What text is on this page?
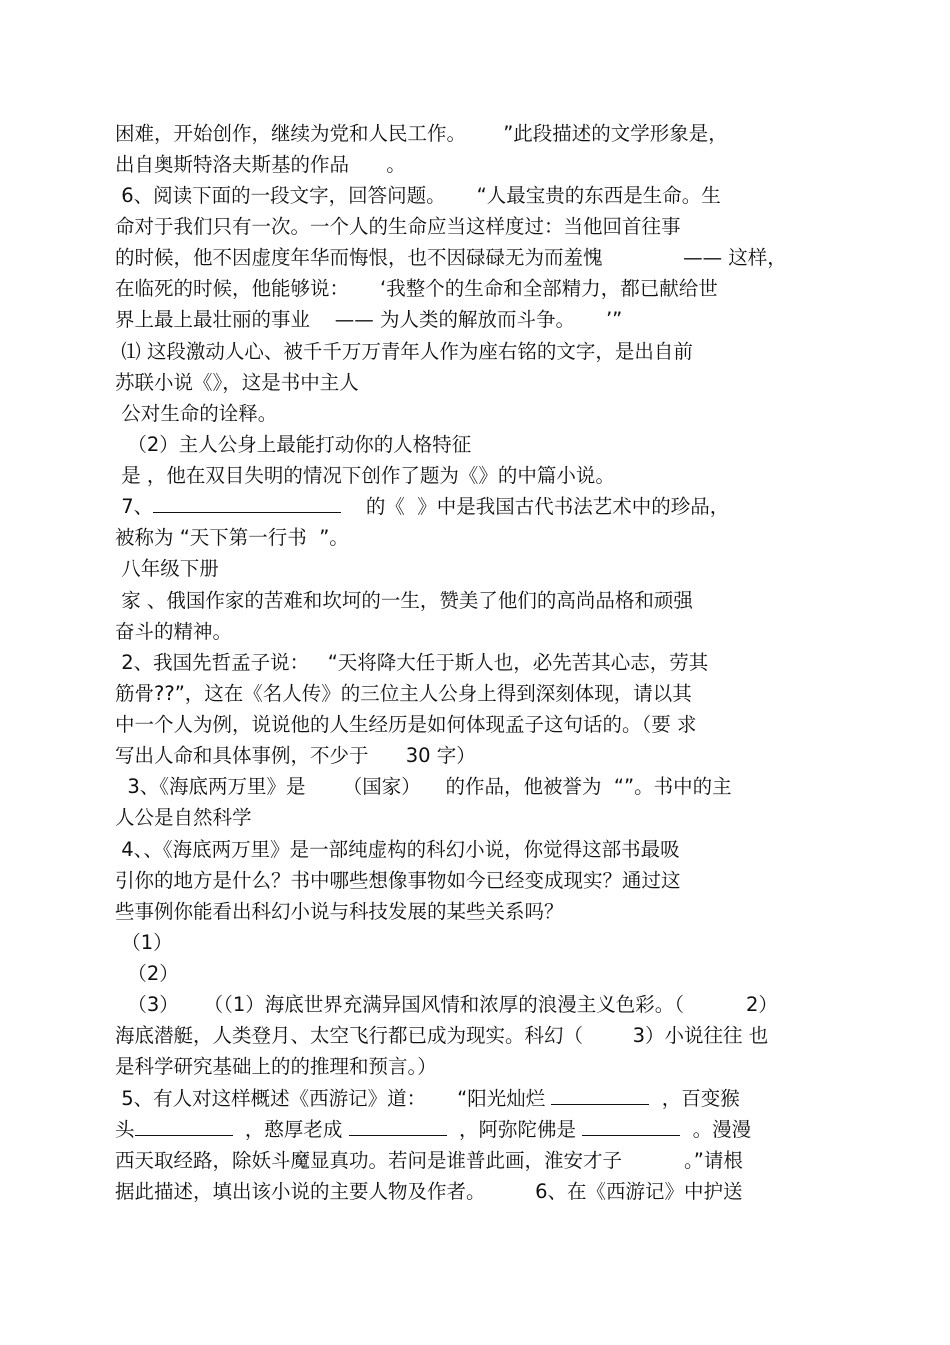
困难，开始创作，继续为党和人民工作。      ”此段描述的文学形象是，
出自奥斯特洛夫斯基的作品      。
6、阅读下面的一段文字，回答问题。     “人最宝贵的东西是生命。生
命对于我们只有一次。一个人的生命应当这样度过：当他回首往事
的时候，他不因虚度年华而悔恨，也不因碌碌无为而羞愧             —— 这样，
在临死的时候，他能够说：     ‘我整个的生命和全部精力，都已献给世
界上最上最壮丽的事业    —— 为人类的解放而斗争。     ’”
⑴ 这段激动人心、被千千万万青年人作为座右铭的文字，是出自前
苏联小说《》，这是书中主人
公对生命的诠释。
（2）主人公身上最能打动你的人格特征
是 ，他在双目失明的情况下创作了题为《》的中篇小说。
7、	的《  》中是我国古代书法艺术中的珍品，
被称为 “天下第一行书  ”。
八年级下册
家 、俄国作家的苦难和坎坷的一生，赞美了他们的高尚品格和顽强
奋斗的精神。
2、我国先哲孟子说：   “天将降大任于斯人也，必先苦其心志，劳其
筋骨??”，这在《名人传》的三位主人公身上得到深刻体现，请以其
中一个人为例，说说他的人生经历是如何体现孟子这句话的。（要 求
写出人命和具体事例，不少于      30 字）
3、《海底两万里》是      （国家）    的作品，他被誉为  “”。书中的主
人公是自然科学
4、、《海底两万里》是一部纯虚构的科幻小说，你觉得这部书最吸
引你的地方是什么？书中哪些想像事物如今已经变成现实？通过这
些事例你能看出科幻小说与科技发展的某些关系吗？
（1）
（2）
（3）    （（1）海底世界充满异国风情和浓厚的浪漫主义色彩。（          2）
海底潜艇，人类登月、太空飞行都已成为现实。科幻（        3）小说往往 也
是科学研究基础上的的推理和预言。）
5、有人对这样概述《西游记》道：     “阳光灿烂	，百变猴
头	，憨厚老成	，阿弥陀佛是	。漫漫
西天取经路，除妖斗魔显真功。若问是谁普此画，淮安才子          。”请根
据此描述，填出该小说的主要人物及作者。        6、在《西游记》中护送
